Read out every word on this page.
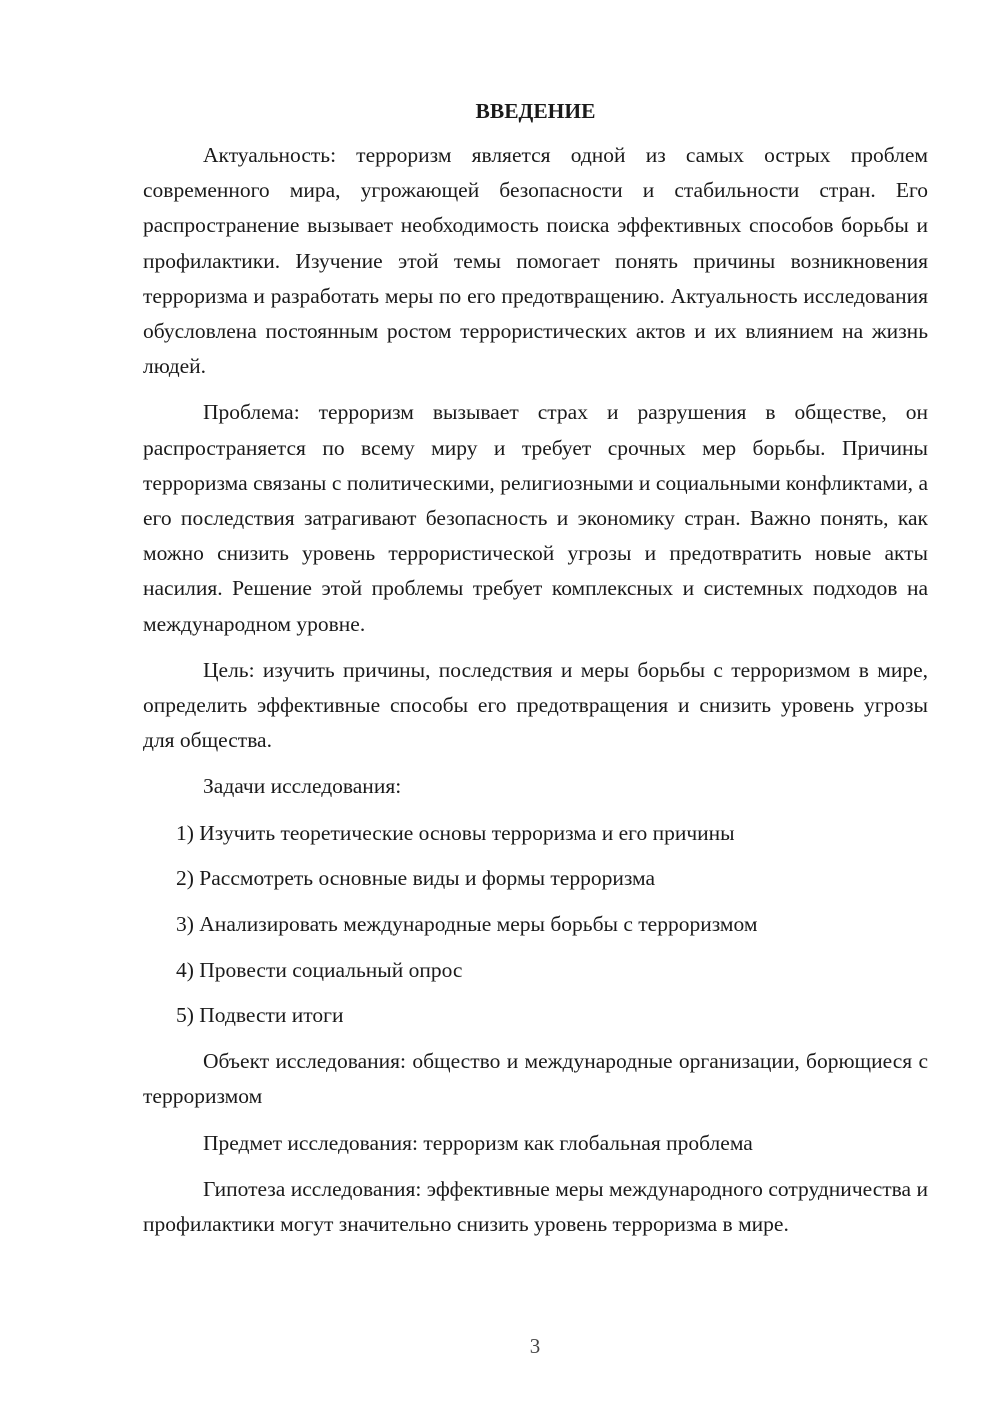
ВВЕДЕНИЕ

Актуальность: терроризм является одной из самых острых проблем современного мира, угрожающей безопасности и стабильности стран. Его распространение вызывает необходимость поиска эффективных способов борьбы и профилактики. Изучение этой темы помогает понять причины возникновения терроризма и разработать меры по его предотвращению. Актуальность исследования обусловлена постоянным ростом террористических актов и их влиянием на жизнь людей.

Проблема: терроризм вызывает страх и разрушения в обществе, он распространяется по всему миру и требует срочных мер борьбы. Причины терроризма связаны с политическими, религиозными и социальными конфликтами, а его последствия затрагивают безопасность и экономику стран. Важно понять, как можно снизить уровень террористической угрозы и предотвратить новые акты насилия. Решение этой проблемы требует комплексных и системных подходов на международном уровне.

Цель: изучить причины, последствия и меры борьбы с терроризмом в мире, определить эффективные способы его предотвращения и снизить уровень угрозы для общества.

Задачи исследования:

1) Изучить теоретические основы терроризма и его причины
2) Рассмотреть основные виды и формы терроризма
3) Анализировать международные меры борьбы с терроризмом
4) Провести социальный опрос
5) Подвести итоги

Объект исследования: общество и международные организации, борющиеся с терроризмом

Предмет исследования: терроризм как глобальная проблема

Гипотеза исследования: эффективные меры международного сотрудничества и профилактики могут значительно снизить уровень терроризма в мире.

3
